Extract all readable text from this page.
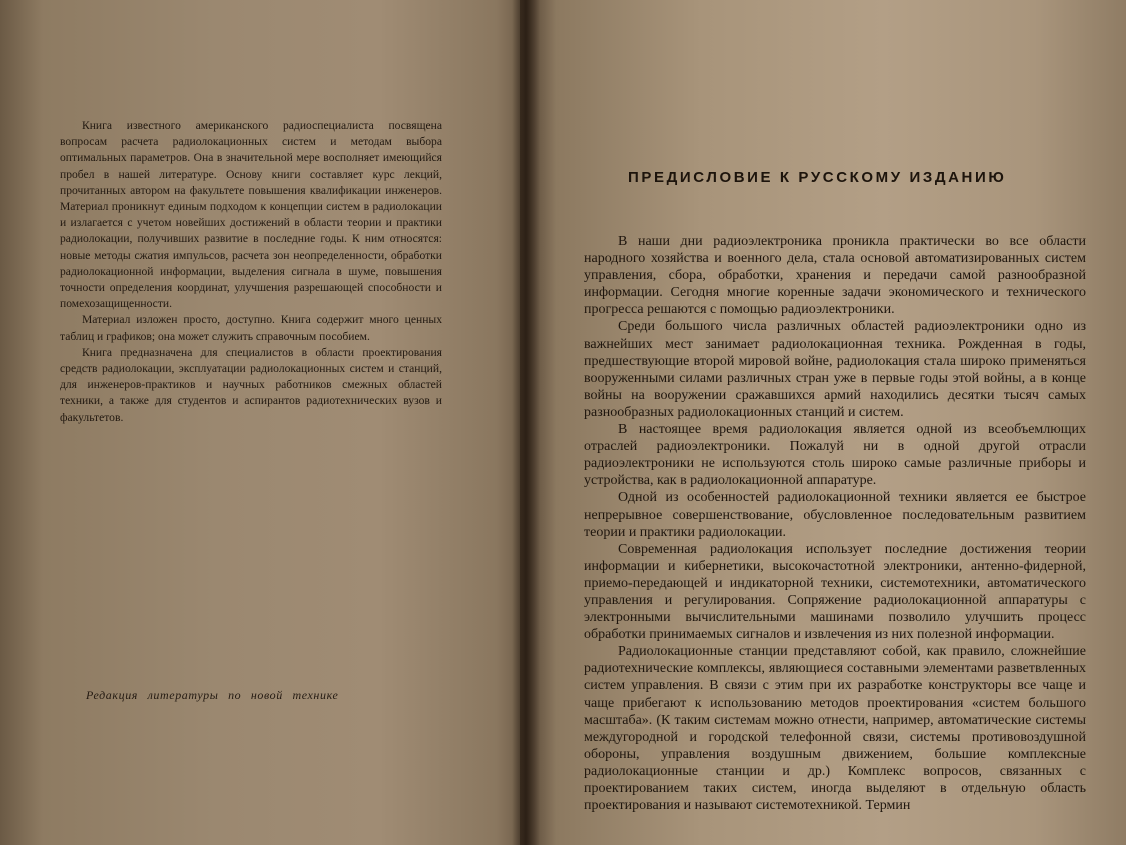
Книга известного американского радиоспециалиста посвящена вопросам расчета радиолокационных систем и методам выбора оптимальных параметров. Она в значительной мере восполняет имеющийся пробел в нашей литературе. Основу книги составляет курс лекций, прочитанных автором на факультете повышения квалификации инженеров. Материал проникнут единым подходом к концепции систем в радиолокации и излагается с учетом новейших достижений в области теории и практики радиолокации, получивших развитие в последние годы. К ним относятся: новые методы сжатия импульсов, расчета зон неопределенности, обработки радиолокационной информации, выделения сигнала в шуме, повышения точности определения координат, улучшения разрешающей способности и помехозащищенности.

Материал изложен просто, доступно. Книга содержит много ценных таблиц и графиков; она может служить справочным пособием.

Книга предназначена для специалистов в области проектирования средств радиолокации, эксплуатации радиолокационных систем и станций, для инженеров-практиков и научных работников смежных областей техники, а также для студентов и аспирантов радиотехнических вузов и факультетов.

Редакция литературы по новой технике

ПРЕДИСЛОВИЕ К РУССКОМУ ИЗДАНИЮ

В наши дни радиоэлектроника проникла практически во все области народного хозяйства и военного дела, стала основой автоматизированных систем управления, сбора, обработки, хранения и передачи самой разнообразной информации. Сегодня многие коренные задачи экономического и технического прогресса решаются с помощью радиоэлектроники.

Среди большого числа различных областей радиоэлектроники одно из важнейших мест занимает радиолокационная техника. Рожденная в годы, предшествующие второй мировой войне, радиолокация стала широко применяться вооруженными силами различных стран уже в первые годы этой войны, а в конце войны на вооружении сражавшихся армий находились десятки тысяч самых разнообразных радиолокационных станций и систем.

В настоящее время радиолокация является одной из всеобъемлющих отраслей радиоэлектроники. Пожалуй ни в одной другой отрасли радиоэлектроники не используются столь широко самые различные приборы и устройства, как в радиолокационной аппаратуре.

Одной из особенностей радиолокационной техники является ее быстрое непрерывное совершенствование, обусловленное последовательным развитием теории и практики радиолокации.

Современная радиолокация использует последние достижения теории информации и кибернетики, высокочастотной электроники, антенно-фидерной, приемо-передающей и индикаторной техники, системотехники, автоматического управления и регулирования. Сопряжение радиолокационной аппаратуры с электронными вычислительными машинами позволило улучшить процесс обработки принимаемых сигналов и извлечения из них полезной информации.

Радиолокационные станции представляют собой, как правило, сложнейшие радиотехнические комплексы, являющиеся составными элементами разветвленных систем управления. В связи с этим при их разработке конструкторы все чаще и чаще прибегают к использованию методов проектирования «систем большого масштаба». (К таким системам можно отнести, например, автоматические системы междугородной и городской телефонной связи, системы противовоздушной обороны, управления воздушным движением, большие комплексные радиолокационные станции и др.) Комплекс вопросов, связанных с проектированием таких систем, иногда выделяют в отдельную область проектирования и называют системотехникой. Термин
